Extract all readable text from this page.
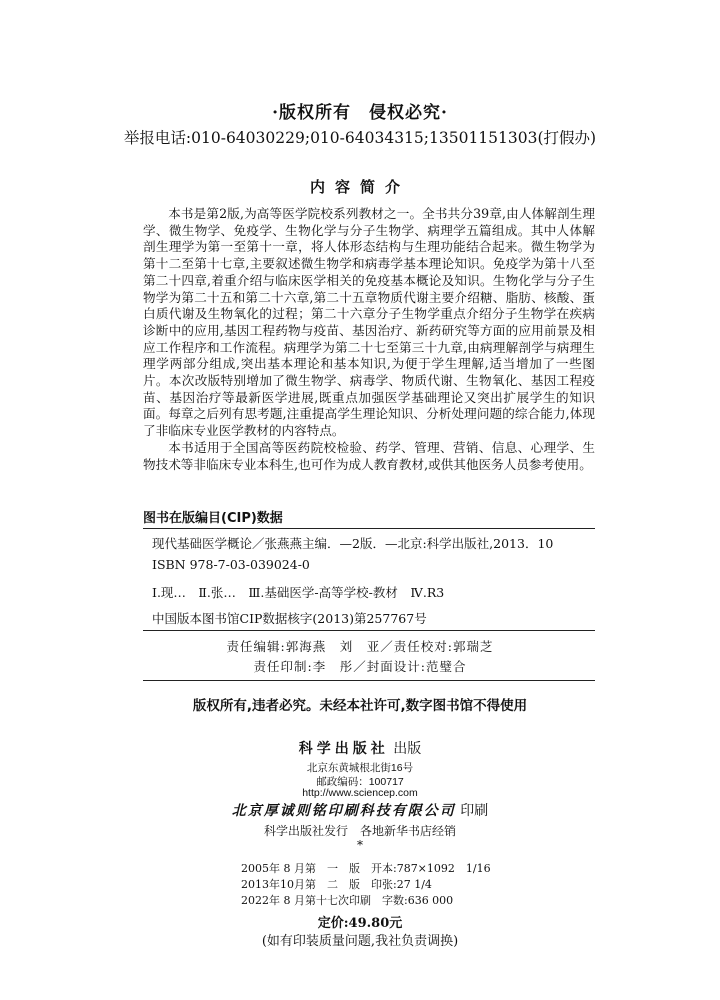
·版权所有　侵权必究·
举报电话:010-64030229;010-64034315;13501151303(打假办)
内容简介

本书是第2版,为高等医学院校系列教材之一。全书共分39章,由人体解剖生理学、微生物学、免疫学、生物化学与分子生物学、病理学五篇组成。其中人体解剖生理学为第一至第十一章，将人体形态结构与生理功能结合起来。微生物学为第十二至第十七章,主要叙述微生物学和病毒学基本理论知识。免疫学为第十八至第二十四章,着重介绍与临床医学相关的免疫基本概论及知识。生物化学与分子生物学为第二十五和第二十六章,第二十五章物质代谢主要介绍糖、脂肪、核酸、蛋白质代谢及生物氧化的过程；第二十六章分子生物学重点介绍分子生物学在疾病诊断中的应用,基因工程药物与疫苗、基因治疗、新药研究等方面的应用前景及相应工作程序和工作流程。病理学为第二十七至第三十九章,由病理解剖学与病理生理学两部分组成,突出基本理论和基本知识,为便于学生理解,适当增加了一些图片。本次改版特别增加了微生物学、病毒学、物质代谢、生物氧化、基因工程疫苗、基因治疗等最新医学进展,既重点加强医学基础理论又突出扩展学生的知识面。每章之后列有思考题,注重提高学生理论知识、分析处理问题的综合能力,体现了非临床专业医学教材的内容特点。

本书适用于全国高等医药院校检验、药学、管理、营销、信息、心理学、生物技术等非临床专业本科生,也可作为成人教育教材,或供其他医务人员参考使用。

图书在版编目(CIP)数据
现代基础医学概论／张燕燕主编．—2版．—北京:科学出版社,2013．10
ISBN 978-7-03-039024-0
Ⅰ.现…　Ⅱ.张…　Ⅲ.基础医学-高等学校-教材　Ⅳ.R3
中国版本图书馆CIP数据核字(2013)第257767号
责任编辑:郭海燕　刘　亚／责任校对:郭瑞芝
责任印制:李　彤／封面设计:范璧合
版权所有,违者必究。未经本社许可,数字图书馆不得使用
科学出版社 出版
北京东黄城根北街16号
邮政编码：100717
http://www.sciencep.com
北京厚诚则铭印刷科技有限公司 印刷
科学出版社发行　各地新华书店经销
*
2005年 8 月第　一　版　开本:787×1092　1/16
2013年10月第　二　版　印张:27 1/4
2022年 8 月第十七次印刷　字数:636 000
定价:49.80元
(如有印装质量问题,我社负责调换)
